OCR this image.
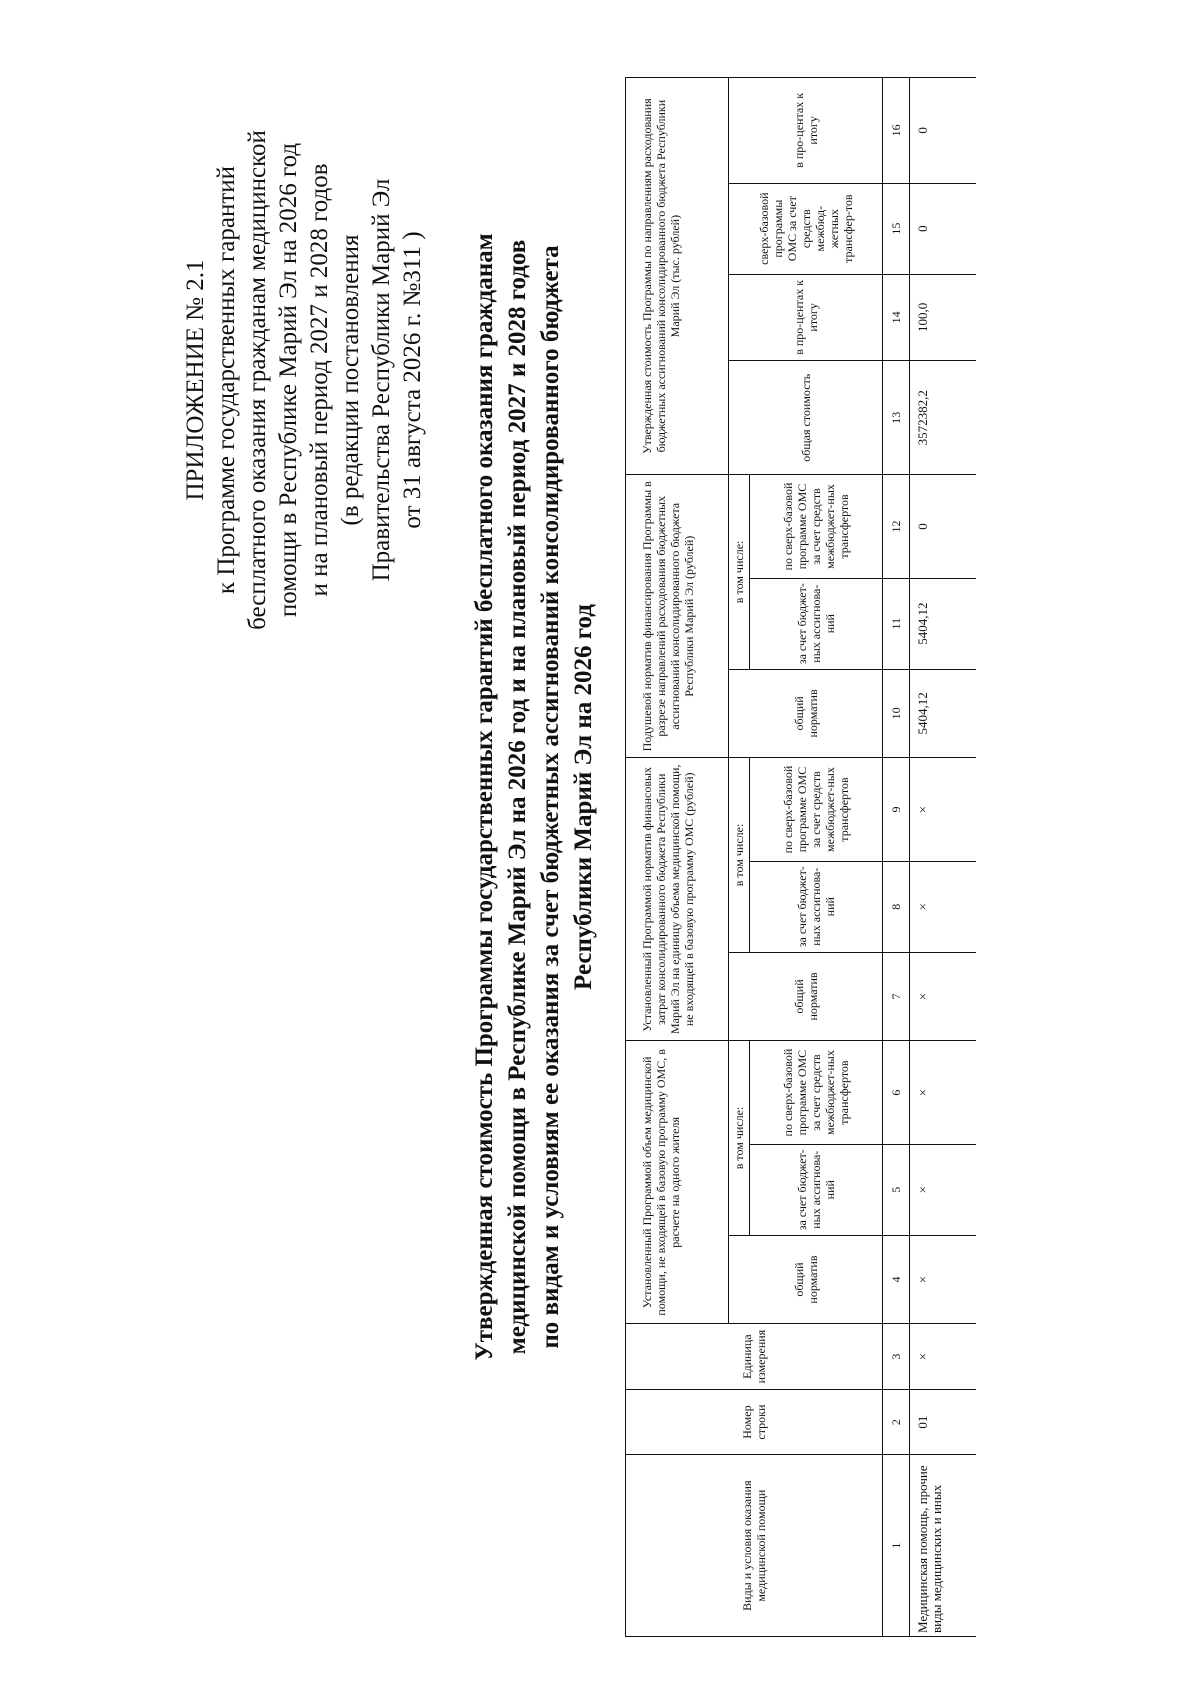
ПРИЛОЖЕНИЕ № 2.1 к Программе государственных гарантий бесплатного оказания гражданам медицинской помощи в Республике Марий Эл на 2026 год и на плановый период 2027 и 2028 годов (в редакции постановления Правительства Республики Марий Эл от 31 августа 2026 г. №311 ) Утвержденная стоимость Программы государственных гарантий бесплатного оказания гражданам медицинской помощи в Республике Марий Эл на 2026 год и на плановый период 2027 и 2028 годов по видам и условиям ее оказания за счет бюджетных ассигнований консолидированного бюджета Республики Марий Эл на 2026 год
Виды и условия оказания медицинской помощи	Номер строки	Единица измерения	Установленный Программой объем медицинской помощи, не входящей в базовую программу ОМС, в расчете на одного жителя			Установленный Программой норматив финансовых затрат консолидированного бюджета Республики Марий Эл на единицу объема медицинской помощи, не входящей в базовую программу ОМС (рублей)			Подушевой норматив финансирования Программы в разрезе направлений расходования бюджетных ассигнований консолидированного бюджета Республики Марий Эл (рублей)			Утвержденная стоимость Программы по направлениям расходования бюджетных ассигнований консолидированного бюджета Республики Марий Эл (тыс. рублей)			
			общий норматив	в том числе:		общий норматив	в том числе:		общий норматив	в том числе:		общая стоимость	в про-центах к итогу	сверх-базовой программы ОМС за счет средств межбюд-жетных трансфер-тов	в про-центах к итогу
				за счет бюджет-ных ассигнова-ний	по сверх-базовой программе ОМС за счет средств межбюджет-ных трансфертов		за счет бюджет-ных ассигнова-ний	по сверх-базовой программе ОМС за счет средств межбюджет-ных трансфертов		за счет бюджет-ных ассигнова-ний	по сверх-базовой программе ОМС за счет средств межбюджет-ных трансфертов				
1	2	3	4	5	6	7	8	9	10	11	12	13	14	15	16
Медицинская помощь, прочие виды медицинских и иных	01	×	×	×	×	×	×	×	5404,12	5404,12	0	3572382,2	100,0	0	0
